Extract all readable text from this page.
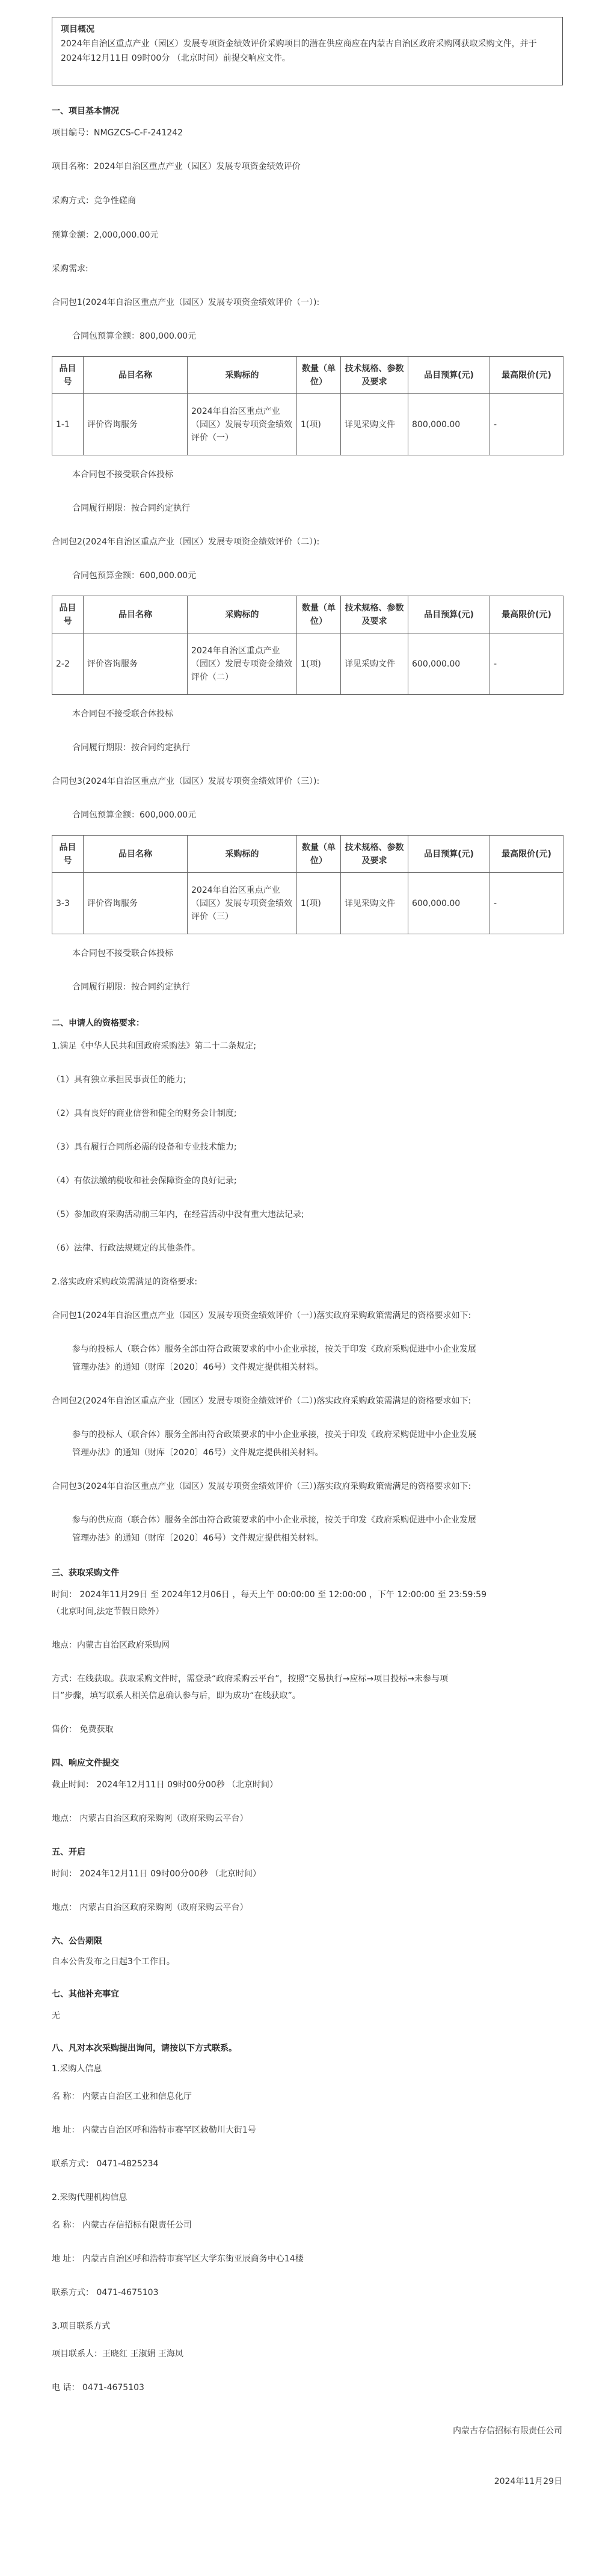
项目概况
2024年自治区重点产业（园区）发展专项资金绩效评价采购项目的潜在供应商应在内蒙古自治区政府采购网获取采购文件，并于 2024年12月11日 09时00分 （北京时间）前提交响应文件。
一、项目基本情况
项目编号：NMGZCS-C-F-241242
项目名称：2024年自治区重点产业（园区）发展专项资金绩效评价
采购方式：竞争性磋商
预算金额：2,000,000.00元
采购需求:
合同包1(2024年自治区重点产业（园区）发展专项资金绩效评价（一）):
合同包预算金额：800,000.00元
品目号	品目名称	采购标的	数量（单位）	技术规格、参数及要求	品目预算(元)	最高限价(元)
1-1	评价咨询服务	2024年自治区重点产业（园区）发展专项资金绩效评价（一）	1(项)	详见采购文件	800,000.00	-
本合同包不接受联合体投标
合同履行期限：按合同约定执行
合同包2(2024年自治区重点产业（园区）发展专项资金绩效评价（二）):
合同包预算金额：600,000.00元
品目号	品目名称	采购标的	数量（单位）	技术规格、参数及要求	品目预算(元)	最高限价(元)
2-2	评价咨询服务	2024年自治区重点产业（园区）发展专项资金绩效评价（二）	1(项)	详见采购文件	600,000.00	-
本合同包不接受联合体投标
合同履行期限：按合同约定执行
合同包3(2024年自治区重点产业（园区）发展专项资金绩效评价（三）):
合同包预算金额：600,000.00元
品目号	品目名称	采购标的	数量（单位）	技术规格、参数及要求	品目预算(元)	最高限价(元)
3-3	评价咨询服务	2024年自治区重点产业（园区）发展专项资金绩效评价（三）	1(项)	详见采购文件	600,000.00	-
本合同包不接受联合体投标
合同履行期限：按合同约定执行
二、申请人的资格要求：
1.满足《中华人民共和国政府采购法》第二十二条规定;
（1）具有独立承担民事责任的能力;
（2）具有良好的商业信誉和健全的财务会计制度;
（3）具有履行合同所必需的设备和专业技术能力;
（4）有依法缴纳税收和社会保障资金的良好记录;
（5）参加政府采购活动前三年内，在经营活动中没有重大违法记录;
（6）法律、行政法规规定的其他条件。
2.落实政府采购政策需满足的资格要求:
合同包1(2024年自治区重点产业（园区）发展专项资金绩效评价（一）)落实政府采购政策需满足的资格要求如下:
参与的投标人（联合体）服务全部由符合政策要求的中小企业承接，按关于印发《政府采购促进中小企业发展
管理办法》的通知（财库〔2020〕46号）文件规定提供相关材料。
合同包2(2024年自治区重点产业（园区）发展专项资金绩效评价（二）)落实政府采购政策需满足的资格要求如下:
参与的投标人（联合体）服务全部由符合政策要求的中小企业承接，按关于印发《政府采购促进中小企业发展
管理办法》的通知（财库〔2020〕46号）文件规定提供相关材料。
合同包3(2024年自治区重点产业（园区）发展专项资金绩效评价（三）)落实政府采购政策需满足的资格要求如下:
参与的供应商（联合体）服务全部由符合政策要求的中小企业承接，按关于印发《政府采购促进中小企业发展
管理办法》的通知（财库〔2020〕46号）文件规定提供相关材料。
三、获取采购文件
时间： 2024年11月29日 至 2024年12月06日 ，每天上午 00:00:00 至 12:00:00 ，下午 12:00:00 至 23:59:59
（北京时间,法定节假日除外）
地点：内蒙古自治区政府采购网
方式：在线获取。获取采购文件时，需登录“政府采购云平台”，按照“交易执行→应标→项目投标→未参与项
目”步骤，填写联系人相关信息确认参与后，即为成功“在线获取”。
售价： 免费获取
四、响应文件提交
截止时间： 2024年12月11日 09时00分00秒 （北京时间）
地点： 内蒙古自治区政府采购网（政府采购云平台）
五、开启
时间： 2024年12月11日 09时00分00秒 （北京时间）
地点： 内蒙古自治区政府采购网（政府采购云平台）
六、公告期限
自本公告发布之日起3个工作日。
七、其他补充事宜
无
八、凡对本次采购提出询问，请按以下方式联系。
1.采购人信息
名 称： 内蒙古自治区工业和信息化厅
地 址： 内蒙古自治区呼和浩特市赛罕区敕勒川大街1号
联系方式： 0471-4825234
2.采购代理机构信息
名 称： 内蒙古存信招标有限责任公司
地 址： 内蒙古自治区呼和浩特市赛罕区大学东街亚辰商务中心14楼
联系方式： 0471-4675103
3.项目联系方式
项目联系人：王晓红 王淑娟 王海凤
电 话： 0471-4675103
内蒙古存信招标有限责任公司
2024年11月29日
